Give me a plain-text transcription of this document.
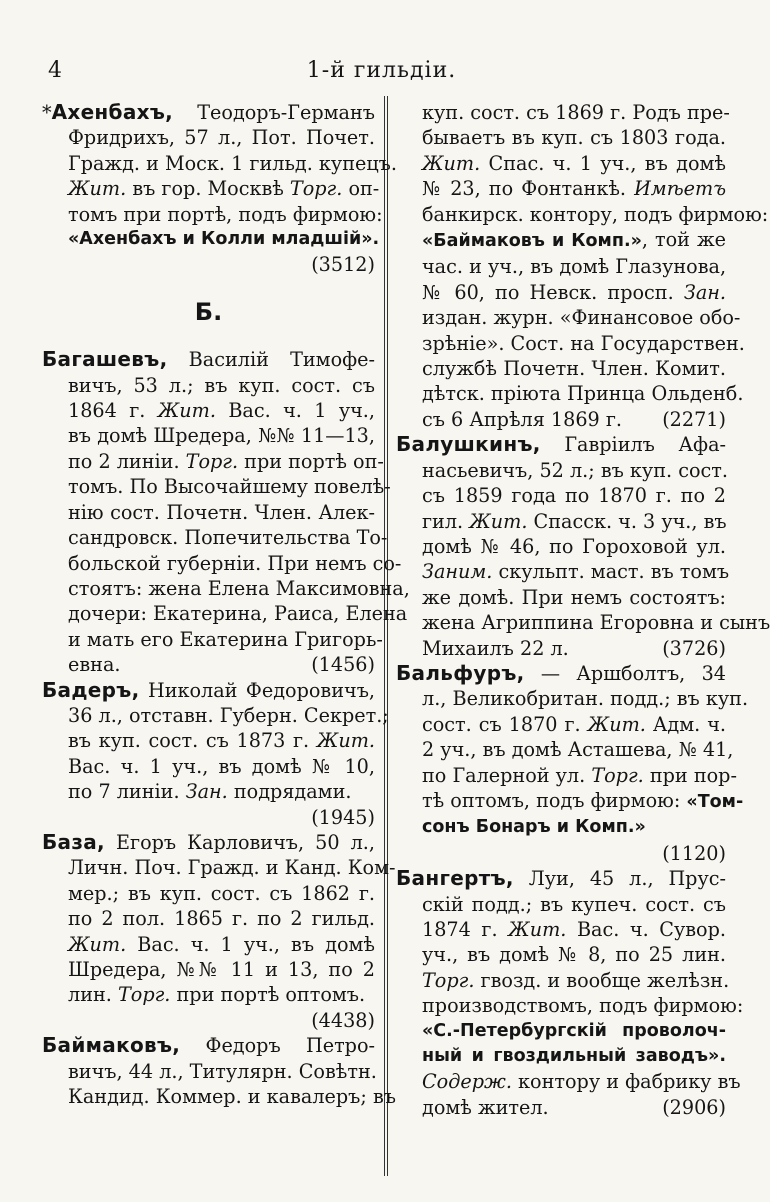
4	1-й гильдіи.
*Ахенбахъ, Теодоръ-Германъ
Фридрихъ, 57 л., Пот. Почет.
Гражд. и Моск. 1 гильд. купецъ.
Жит. въ гор. Москвѣ Торг. оп-
томъ при портѣ, подъ фирмою:
«Ахенбахъ и Колли младшій».
(3512)
Б.
Багашевъ, Василій Тимофе-
вичъ, 53 л.; въ куп. сост. съ
1864 г. Жит. Вас. ч. 1 уч.,
въ домѣ Шредера, №№ 11—13,
по 2 линіи. Торг. при портѣ оп-
томъ. По Высочайшему повелѣ-
нію сост. Почетн. Член. Алек-
сандровск. Попечительства То-
больской губерніи. При немъ со-
стоятъ: жена Елена Максимовна,
дочери: Екатерина, Раиса, Елена
и мать его Екатерина Григорь-
евна.	(1456)
Бадеръ, Николай Федоровичъ,
36 л., отставн. Губерн. Секрет.;
въ куп. сост. съ 1873 г. Жит.
Вас. ч. 1 уч., въ домѣ № 10,
по 7 линіи. Зан. подрядами.
(1945)
База, Егоръ Карловичъ, 50 л.,
Личн. Поч. Гражд. и Канд. Ком-
мер.; въ куп. сост. съ 1862 г.
по 2 пол. 1865 г. по 2 гильд.
Жит. Вас. ч. 1 уч., въ домѣ
Шредера, №№ 11 и 13, по 2
лин. Торг. при портѣ оптомъ.
(4438)
Баймаковъ, Федоръ Петро-
вичъ, 44 л., Титулярн. Совѣтн.
Кандид. Коммер. и кавалеръ; въ
куп. сост. съ 1869 г. Родъ пре-
бываетъ въ куп. съ 1803 года.
Жит. Спас. ч. 1 уч., въ домѣ
№ 23, по Фонтанкѣ. Имѣетъ
банкирск. контору, подъ фирмою:
«Баймаковъ и Комп.», той же
час. и уч., въ домѣ Глазунова,
№ 60, по Невск. просп. Зан.
издан. журн. «Финансовое обо-
зрѣніе». Сост. на Государствен.
службѣ Почетн. Член. Комит.
дѣтск. пріюта Принца Ольденб.
съ 6 Апрѣля 1869 г. (2271)
Балушкинъ, Гавріилъ Афа-
насьевичъ, 52 л.; въ куп. сост.
съ 1859 года по 1870 г. по 2
гил. Жит. Спасск. ч. 3 уч., въ
домѣ № 46, по Гороховой ул.
Заним. скульпт. маст. въ томъ
же домѣ. При немъ состоятъ:
жена Агриппина Егоровна и сынъ
Михаилъ 22 л.	(3726)
Бальфуръ, — Аршболтъ, 34
л., Великобритан. подд.; въ куп.
сост. съ 1870 г. Жит. Адм. ч.
2 уч., въ домѣ Асташева, № 41,
по Галерной ул. Торг. при пор-
тѣ оптомъ, подъ фирмою: «Том-
сонъ Бонаръ и Комп.»
(1120)
Бангертъ, Луи, 45 л., Прус-
скій подд.; въ купеч. сост. съ
1874 г. Жит. Вас. ч. Сувор.
уч., въ домѣ № 8, по 25 лин.
Торг. гвозд. и вообще желѣзн.
производствомъ, подъ фирмою:
«С.-Петербургскій проволоч-
ный и гвоздильный заводъ».
Содерж. контору и фабрику въ
домѣ жител.	(2906)
